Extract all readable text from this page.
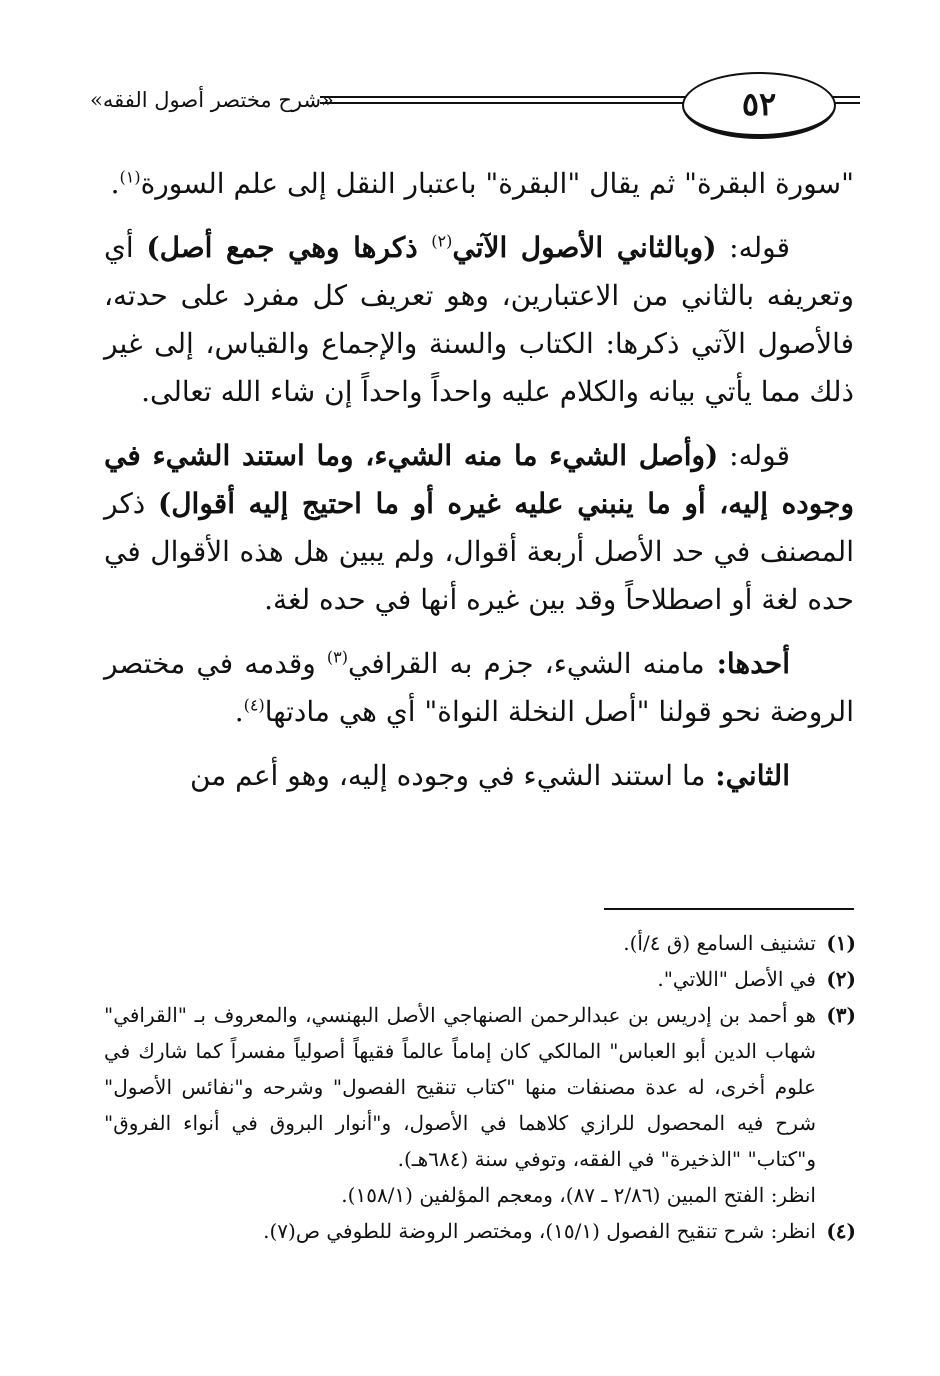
«شرح مختصر أصول الفقه»	٥٢

"سورة البقرة" ثم يقال "البقرة" باعتبار النقل إلى علم السورة$^{(١)}$.

قوله: (وبالثاني الأصول الآتي$^{(٢)}$ ذكرها وهي جمع أصل) أي وتعريفه بالثاني من الاعتبارين، وهو تعريف كل مفرد على حدته، فالأصول الآتي ذكرها: الكتاب والسنة والإجماع والقياس، إلى غير ذلك مما يأتي بيانه والكلام عليه واحداً واحداً إن شاء الله تعالى.

قوله: (وأصل الشيء ما منه الشيء، وما استند الشيء في وجوده إليه، أو ما ينبني عليه غيره أو ما احتيج إليه أقوال) ذكر المصنف في حد الأصل أربعة أقوال، ولم يبين هل هذه الأقوال في حده لغة أو اصطلاحاً وقد بين غيره أنها في حده لغة.

أحدها: مامنه الشيء، جزم به القرافي$^{(٣)}$ وقدمه في مختصر الروضة نحو قولنا "أصل النخلة النواة" أي هي مادتها$^{(٤)}$.

الثاني: ما استند الشيء في وجوده إليه، وهو أعم من

(١)
تشنيف السامع (ق ٤/أ).
(٢)
في الأصل "اللاتي".
(٣)
هو أحمد بن إدريس بن عبدالرحمن الصنهاجي الأصل البهنسي، والمعروف بـ "القرافي" شهاب الدين أبو العباس" المالكي كان إماماً عالماً فقيهاً أصولياً مفسراً كما شارك في علوم أخرى، له عدة مصنفات منها "كتاب تنقيح الفصول" وشرحه و"نفائس الأصول" شرح فيه المحصول للرازي كلاهما في الأصول، و"أنوار البروق في أنواء الفروق" و"كتاب" "الذخيرة" في الفقه، وتوفي سنة (٦٨٤هـ).
انظر: الفتح المبين (٢/٨٦ ـ ٨٧)، ومعجم المؤلفين (١٥٨/١).
(٤)
انظر: شرح تنقيح الفصول (١٥/١)، ومختصر الروضة للطوفي ص(٧).
